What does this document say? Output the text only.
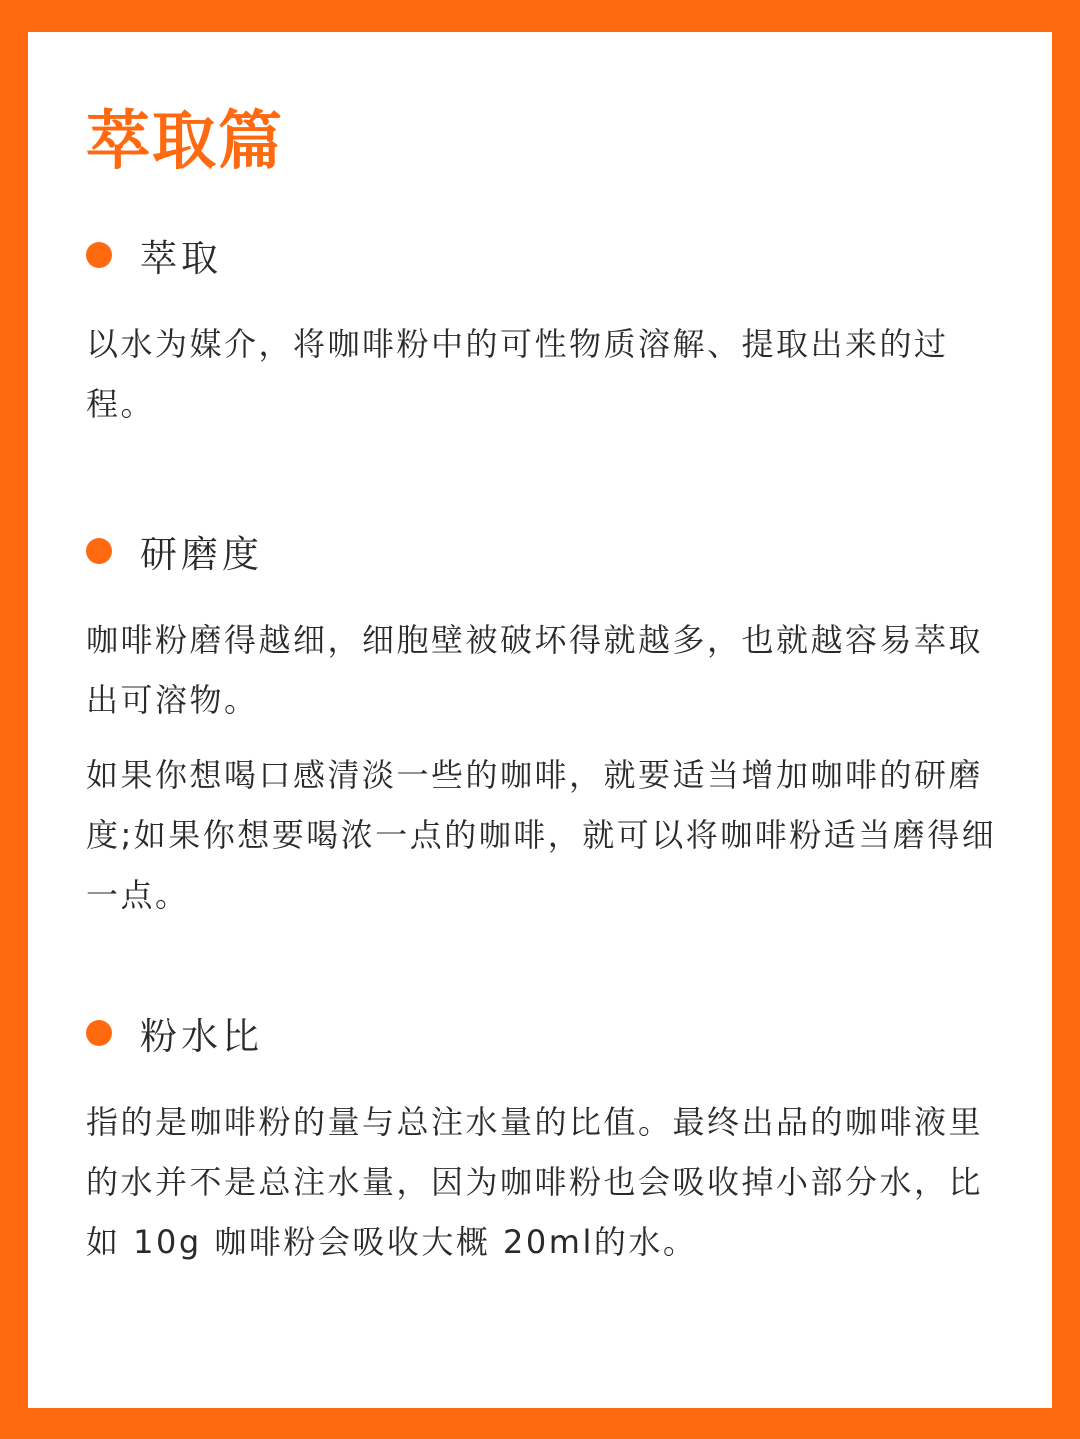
萃取篇
萃取

以水为媒介，将咖啡粉中的可性物质溶解、提取出来的过程。

研磨度

咖啡粉磨得越细，细胞壁被破坏得就越多，也就越容易萃取出可溶物。

如果你想喝口感清淡一些的咖啡，就要适当增加咖啡的研磨度;如果你想要喝浓一点的咖啡，就可以将咖啡粉适当磨得细一点。

粉水比

指的是咖啡粉的量与总注水量的比值。最终出品的咖啡液里的水并不是总注水量，因为咖啡粉也会吸收掉小部分水，比如 10g 咖啡粉会吸收大概 20ml的水。
